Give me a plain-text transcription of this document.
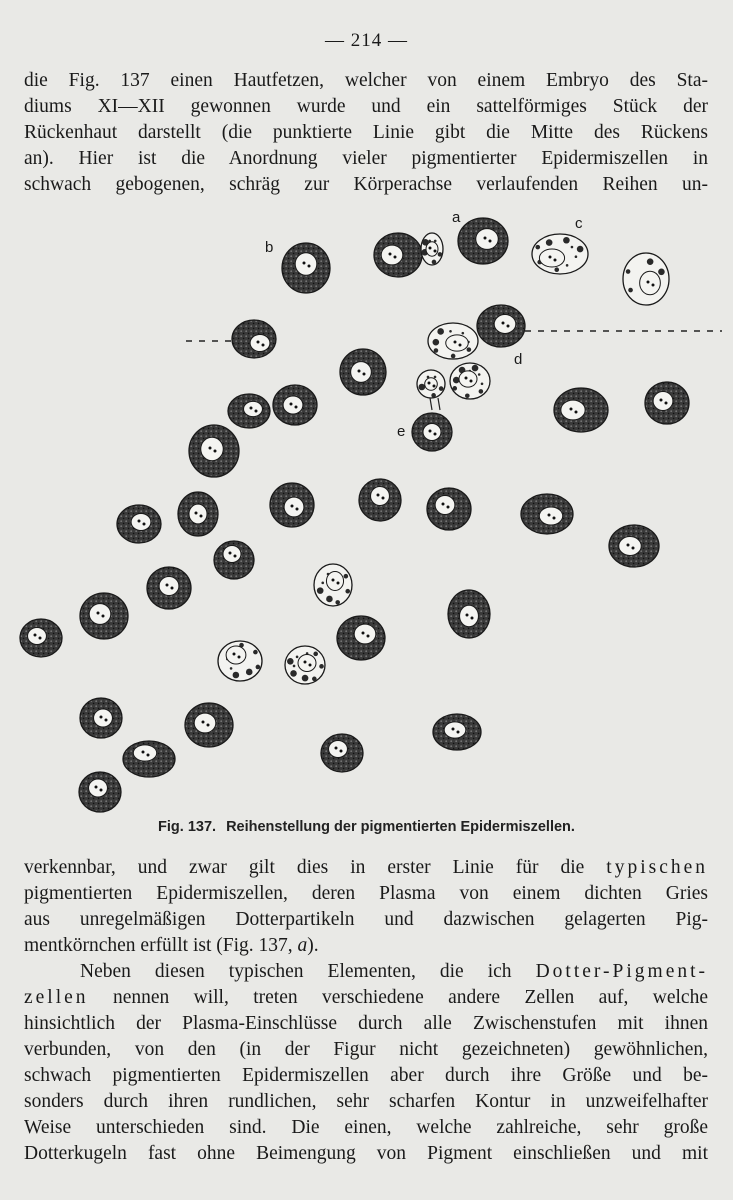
— 214 —
die Fig. 137 einen Hautfetzen, welcher von einem Embryo des Sta-
diums XI—XII gewonnen wurde und ein sattelförmiges Stück der
Rückenhaut darstellt (die punktierte Linie gibt die Mitte des Rückens
an). Hier ist die Anordnung vieler pigmentierter Epidermiszellen in
schwach gebogenen, schräg zur Körperachse verlaufenden Reihen un-
a
b
c
d
e
Fig. 137. Reihenstellung der pigmentierten Epidermiszellen.
verkennbar, und zwar gilt dies in erster Linie für die typischen
pigmentierten Epidermiszellen, deren Plasma von einem dichten Gries
aus unregelmäßigen Dotterpartikeln und dazwischen gelagerten Pig-
mentkörnchen erfüllt ist (Fig. 137, a).
Neben diesen typischen Elementen, die ich Dotter-Pigment-
zellen nennen will, treten verschiedene andere Zellen auf, welche
hinsichtlich der Plasma-Einschlüsse durch alle Zwischenstufen mit ihnen
verbunden, von den (in der Figur nicht gezeichneten) gewöhnlichen,
schwach pigmentierten Epidermiszellen aber durch ihre Größe und be-
sonders durch ihren rundlichen, sehr scharfen Kontur in unzweifelhafter
Weise unterschieden sind. Die einen, welche zahlreiche, sehr große
Dotterkugeln fast ohne Beimengung von Pigment einschließen und mit
